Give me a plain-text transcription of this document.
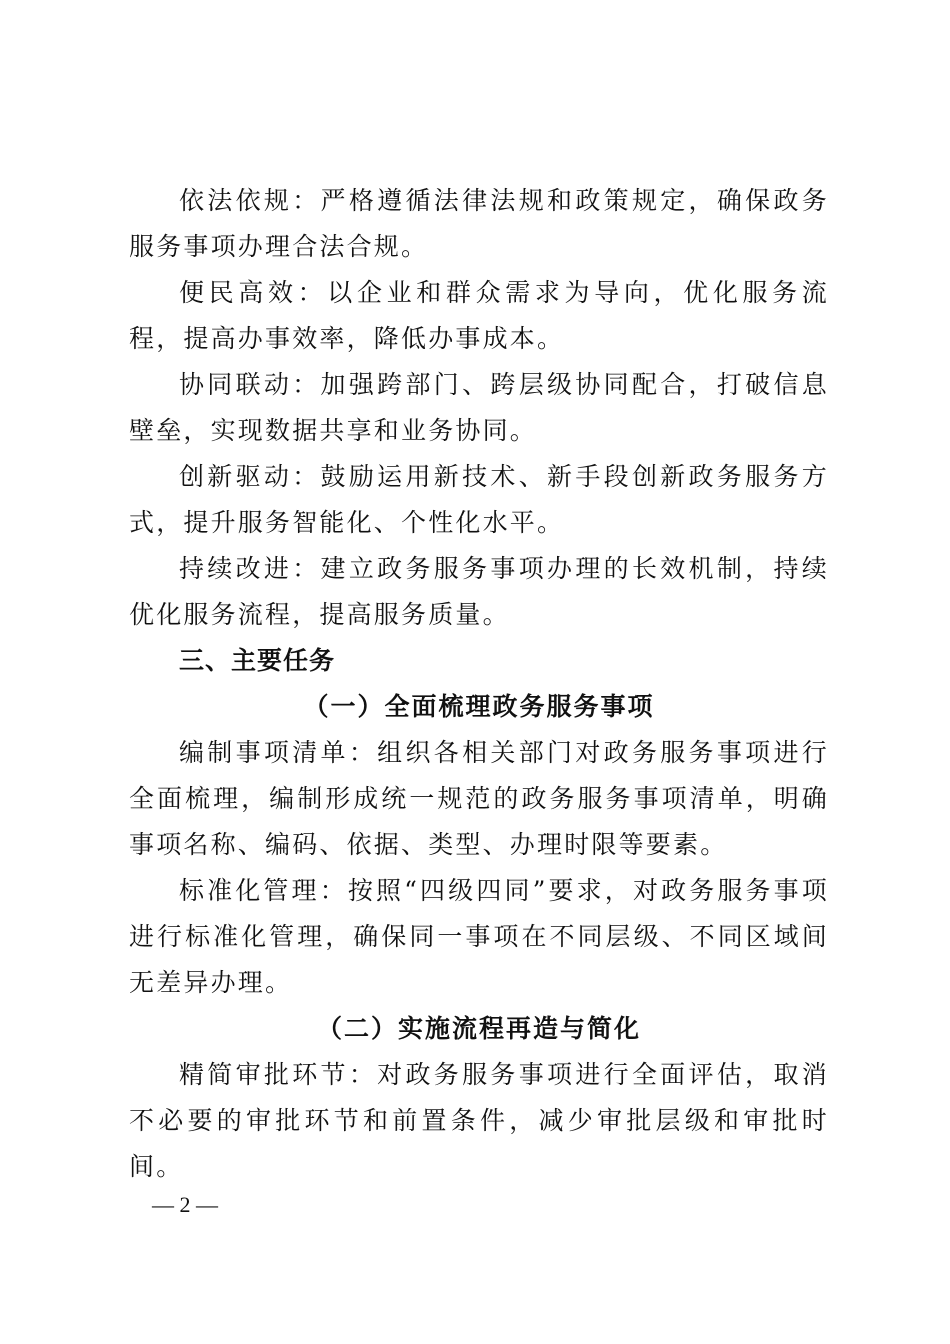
依法依规：严格遵循法律法规和政策规定，确保政务服务事项办理合法合规。
便民高效：以企业和群众需求为导向，优化服务流程，提高办事效率，降低办事成本。
协同联动：加强跨部门、跨层级协同配合，打破信息壁垒，实现数据共享和业务协同。
创新驱动：鼓励运用新技术、新手段创新政务服务方式，提升服务智能化、个性化水平。
持续改进：建立政务服务事项办理的长效机制，持续优化服务流程，提高服务质量。
三、主要任务
（一）全面梳理政务服务事项
编制事项清单：组织各相关部门对政务服务事项进行全面梳理，编制形成统一规范的政务服务事项清单，明确事项名称、编码、依据、类型、办理时限等要素。
标准化管理：按照“四级四同”要求，对政务服务事项进行标准化管理，确保同一事项在不同层级、不同区域间无差异办理。
（二）实施流程再造与简化
精简审批环节：对政务服务事项进行全面评估，取消不必要的审批环节和前置条件，减少审批层级和审批时间。
— 2 —
